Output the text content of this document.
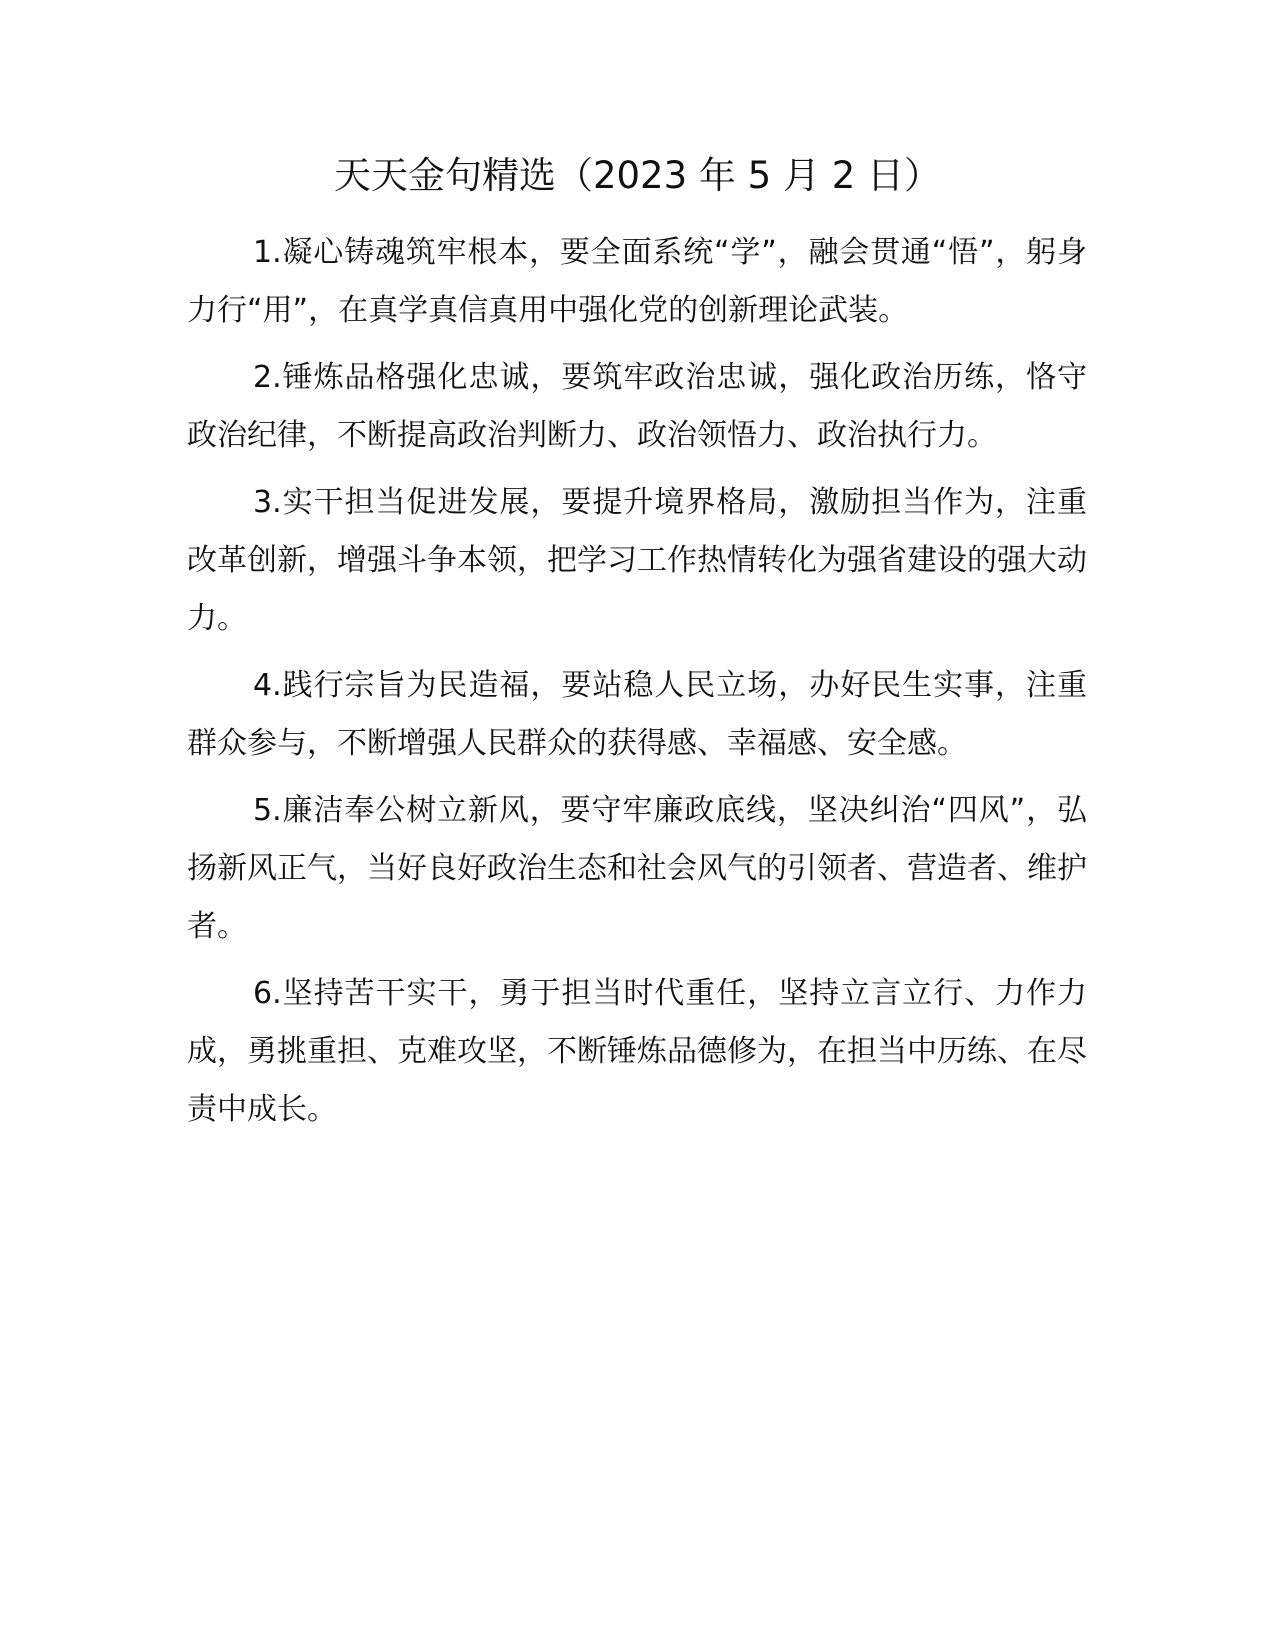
天天金句精选（2023 年 5 月 2 日）

1.凝心铸魂筑牢根本，要全面系统“学”，融会贯通“悟”，躬身力行“用”，在真学真信真用中强化党的创新理论武装。

2.锤炼品格强化忠诚，要筑牢政治忠诚，强化政治历练，恪守政治纪律，不断提高政治判断力、政治领悟力、政治执行力。

3.实干担当促进发展，要提升境界格局，激励担当作为，注重改革创新，增强斗争本领，把学习工作热情转化为强省建设的强大动力。

4.践行宗旨为民造福，要站稳人民立场，办好民生实事，注重群众参与，不断增强人民群众的获得感、幸福感、安全感。

5.廉洁奉公树立新风，要守牢廉政底线，坚决纠治“四风”，弘扬新风正气，当好良好政治生态和社会风气的引领者、营造者、维护者。

6.坚持苦干实干，勇于担当时代重任，坚持立言立行、力作力成，勇挑重担、克难攻坚，不断锤炼品德修为，在担当中历练、在尽责中成长。
